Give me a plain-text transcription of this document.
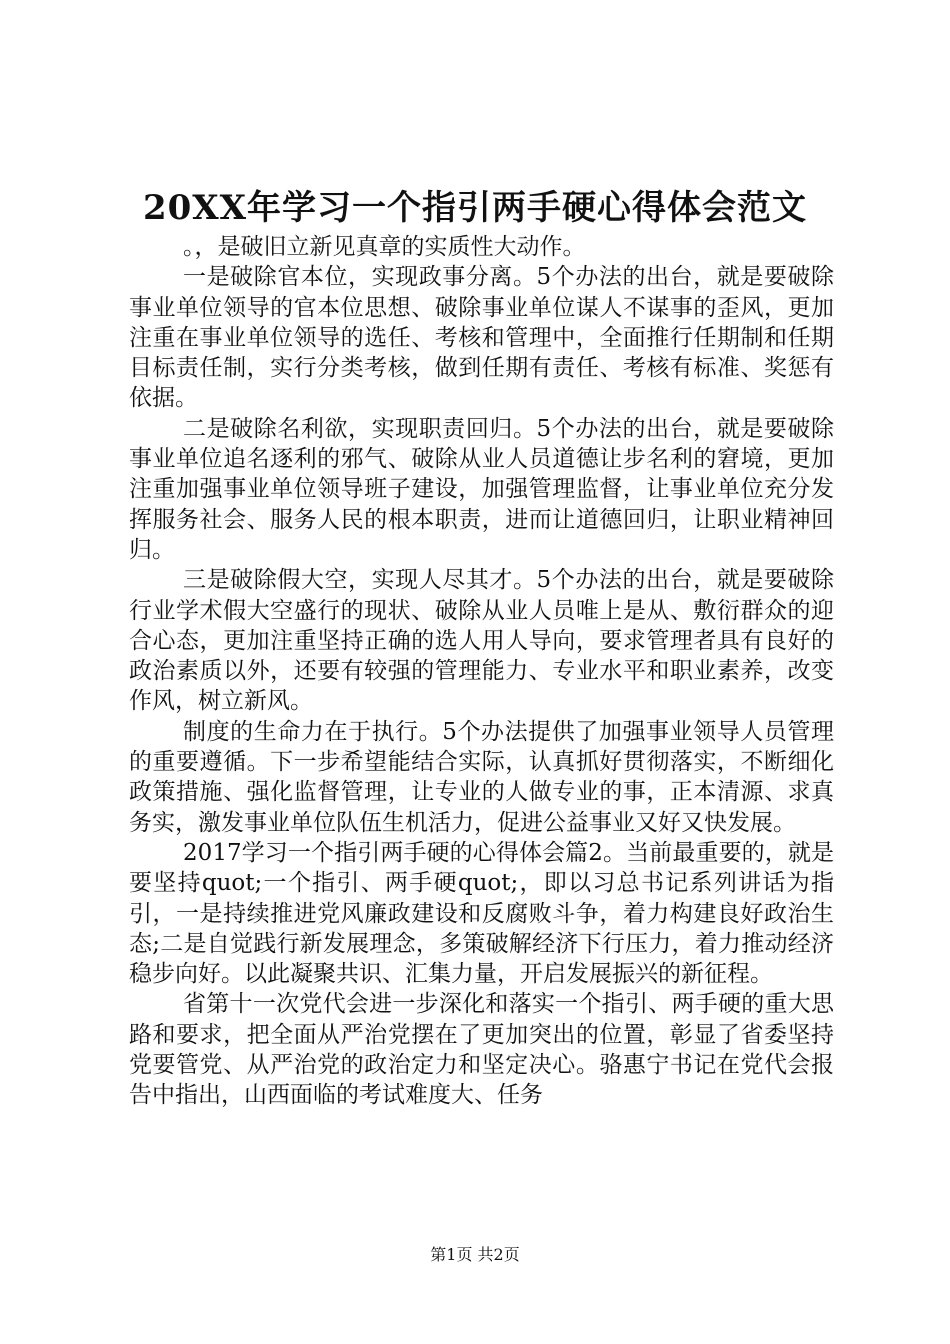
20XX年学习一个指引两手硬心得体会范文

。，是破旧立新见真章的实质性大动作。

一是破除官本位，实现政事分离。5个办法的出台，就是要破除事业单位领导的官本位思想、破除事业单位谋人不谋事的歪风，更加注重在事业单位领导的选任、考核和管理中，全面推行任期制和任期目标责任制，实行分类考核，做到任期有责任、考核有标准、奖惩有依据。

二是破除名利欲，实现职责回归。5个办法的出台，就是要破除事业单位追名逐利的邪气、破除从业人员道德让步名利的窘境，更加注重加强事业单位领导班子建设，加强管理监督，让事业单位充分发挥服务社会、服务人民的根本职责，进而让道德回归，让职业精神回归。

三是破除假大空，实现人尽其才。5个办法的出台，就是要破除行业学术假大空盛行的现状、破除从业人员唯上是从、敷衍群众的迎合心态，更加注重坚持正确的选人用人导向，要求管理者具有良好的政治素质以外，还要有较强的管理能力、专业水平和职业素养，改变作风，树立新风。

制度的生命力在于执行。5个办法提供了加强事业领导人员管理的重要遵循。下一步希望能结合实际，认真抓好贯彻落实，不断细化政策措施、强化监督管理，让专业的人做专业的事，正本清源、求真务实，激发事业单位队伍生机活力，促进公益事业又好又快发展。

2017学习一个指引两手硬的心得体会篇2。当前最重要的，就是要坚持quot;一个指引、两手硬quot;，即以习总书记系列讲话为指引，一是持续推进党风廉政建设和反腐败斗争，着力构建良好政治生态;二是自觉践行新发展理念，多策破解经济下行压力，着力推动经济稳步向好。以此凝聚共识、汇集力量，开启发展振兴的新征程。

省第十一次党代会进一步深化和落实一个指引、两手硬的重大思路和要求，把全面从严治党摆在了更加突出的位置，彰显了省委坚持党要管党、从严治党的政治定力和坚定决心。骆惠宁书记在党代会报告中指出，山西面临的考试难度大、任务

第1页 共2页
